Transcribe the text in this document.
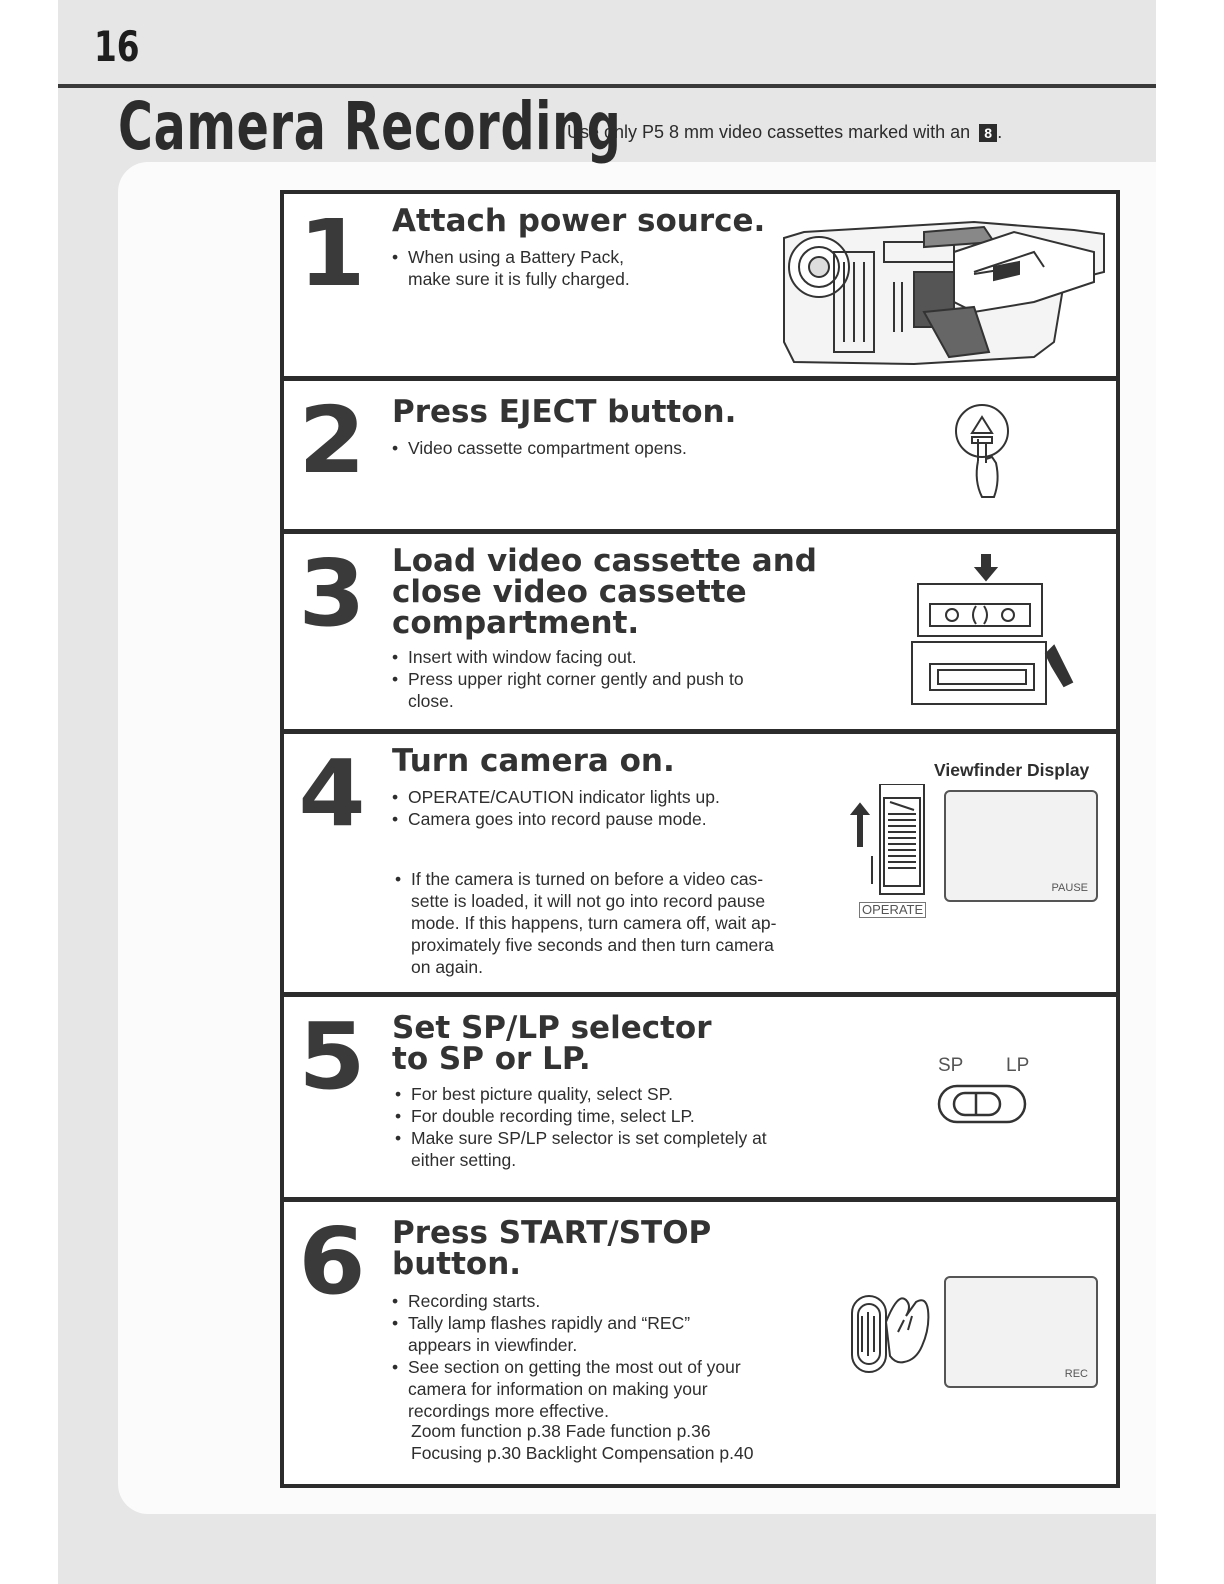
16
Camera Recording
Use only P5 8 mm video cassettes marked with an 8 .
1 Attach power source.
• When using a Battery Pack,
make sure it is fully charged.
2 Press EJECT button.
• Video cassette compartment opens.
3 Load video cassette and
close video cassette
compartment.
• Insert with window facing out.
• Press upper right corner gently and push to
close.
4 Turn camera on.
• OPERATE/CAUTION indicator lights up.
• Camera goes into record pause mode.
• If the camera is turned on before a video cas-
sette is loaded, it will not go into record pause
mode. If this happens, turn camera off, wait ap-
proximately five seconds and then turn camera
on again.
Viewfinder Display
OPERATE
PAUSE
5 Set SP/LP selector
to SP or LP.
• For best picture quality, select SP.
• For double recording time, select LP.
• Make sure SP/LP selector is set completely at
either setting.
SP LP
6 Press START/STOP
button.
• Recording starts.
• Tally lamp flashes rapidly and “REC”
appears in viewfinder.
• See section on getting the most out of your
camera for information on making your
recordings more effective.
Zoom function p.38 Fade function p.36
Focusing p.30 Backlight Compensation p.40
REC
